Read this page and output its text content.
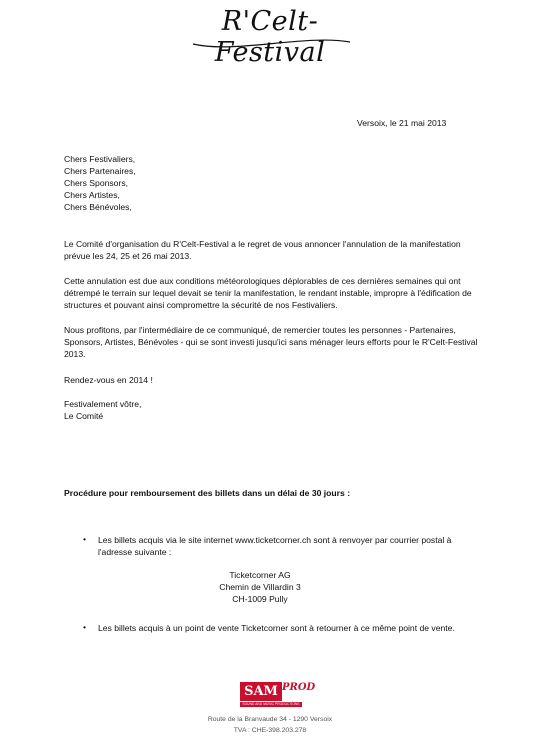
R'Celt-Festival

Versoix, le 21 mai 2013

Chers Festivaliers,
Chers Partenaires,
Chers Sponsors,
Chers Artistes,
Chers Bénévoles,

Le Comité d'organisation du R'Celt-Festival a le regret de vous annoncer l'annulation de la manifestation prévue les 24, 25 et 26 mai 2013.

Cette annulation est due aux conditions météorologiques déplorables de ces dernières semaines qui ont détrempé le terrain sur lequel devait se tenir la manifestation, le rendant instable, impropre à l'édification de structures et pouvant ainsi compromettre la sécurité de nos Festivaliers.

Nous profitons, par l'intermédiaire de ce communiqué, de remercier toutes les personnes - Partenaires, Sponsors, Artistes, Bénévoles - qui se sont investi jusqu'ici sans ménager leurs efforts pour le R'Celt-Festival 2013.

Rendez-vous en 2014 !

Festivalement vôtre,

Le Comité

Procédure pour remboursement des billets dans un délai de 30 jours :

• Les billets acquis via le site internet www.ticketcorner.ch sont à renvoyer par courrier postal à l'adresse suivante :
Ticketcorner AG
Chemin de Villardin 3
CH-1009 Pully
• Les billets acquis à un point de vente Ticketcorner sont à retourner à ce même point de vente.
SAM PROD
SOUND AND MUSIC PRODUCTIONS
Route de la Branvaude 34 - 1290 Versoix
TVA : CHE-398.203.278
